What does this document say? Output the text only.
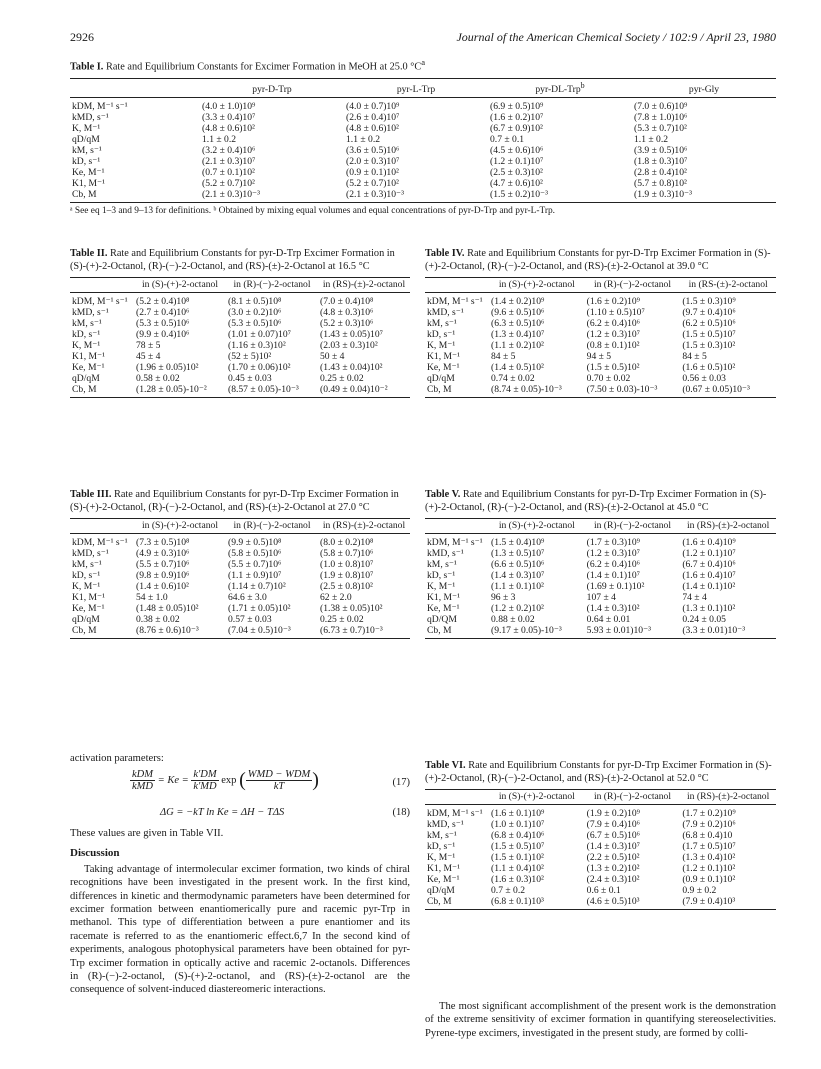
2926	Journal of the American Chemical Society / 102:9 / April 23, 1980
Table I. Rate and Equilibrium Constants for Excimer Formation in MeOH at 25.0 $^\circ C^a$
	pyr-D-Trp	pyr-L-Trp	pyr-DL-Trp$^b$	pyr-Gly
kDM, M⁻¹ s⁻¹	(4.0 ± 1.0)10⁹	(4.0 ± 0.7)10⁹	(6.9 ± 0.5)10⁹	(7.0 ± 0.6)10⁹
kMD, s⁻¹	(3.3 ± 0.4)10⁷	(2.6 ± 0.4)10⁷	(1.6 ± 0.2)10⁷	(7.8 ± 1.0)10⁶
K, M⁻¹	(4.8 ± 0.6)10²	(4.8 ± 0.6)10²	(6.7 ± 0.9)10²	(5.3 ± 0.7)10²
qD/qM	1.1 ± 0.2	1.1 ± 0.2	0.7 ± 0.1	1.1 ± 0.2
kM, s⁻¹	(3.2 ± 0.4)10⁶	(3.6 ± 0.5)10⁶	(4.5 ± 0.6)10⁶	(3.9 ± 0.5)10⁶
kD, s⁻¹	(2.1 ± 0.3)10⁷	(2.0 ± 0.3)10⁷	(1.2 ± 0.1)10⁷	(1.8 ± 0.3)10⁷
Ke, M⁻¹	(0.7 ± 0.1)10²	(0.9 ± 0.1)10²	(2.5 ± 0.3)10²	(2.8 ± 0.4)10²
K1, M⁻¹	(5.2 ± 0.7)10²	(5.2 ± 0.7)10²	(4.7 ± 0.6)10²	(5.7 ± 0.8)10²
Cb, M	(2.1 ± 0.3)10⁻³	(2.1 ± 0.3)10⁻³	(1.5 ± 0.2)10⁻³	(1.9 ± 0.3)10⁻³
ᵃ See eq 1–3 and 9–13 for definitions. ᵇ Obtained by mixing equal volumes and equal concentrations of pyr-D-Trp and pyr-L-Trp.
Table II. Rate and Equilibrium Constants for pyr-D-Trp Excimer Formation in (S)-(+)-2-Octanol, (R)-(−)-2-Octanol, and (RS)-(±)-2-Octanol at 16.5 °C
	in (S)-(+)-2-octanol	in (R)-(−)-2-octanol	in (RS)-(±)-2-octanol
kDM, M⁻¹ s⁻¹	(5.2 ± 0.4)10⁸	(8.1 ± 0.5)10⁸	(7.0 ± 0.4)10⁸
kMD, s⁻¹	(2.7 ± 0.4)10⁶	(3.0 ± 0.2)10⁶	(4.8 ± 0.3)10⁶
kM, s⁻¹	(5.3 ± 0.5)10⁶	(5.3 ± 0.5)10⁶	(5.2 ± 0.3)10⁶
kD, s⁻¹	(9.9 ± 0.4)10⁶	(1.01 ± 0.07)10⁷	(1.43 ± 0.05)10⁷
K, M⁻¹	78 ± 5	(1.16 ± 0.3)10²	(2.03 ± 0.3)10²
K1, M⁻¹	45 ± 4	(52 ± 5)10²	50 ± 4
Ke, M⁻¹	(1.96 ± 0.05)10²	(1.70 ± 0.06)10²	(1.43 ± 0.04)10²
qD/qM	0.58 ± 0.02	0.45 ± 0.03	0.25 ± 0.02
Cb, M	(1.28 ± 0.05)-10⁻²	(8.57 ± 0.05)-10⁻³	(0.49 ± 0.04)10⁻²
Table IV. Rate and Equilibrium Constants for pyr-D-Trp Excimer Formation in (S)-(+)-2-Octanol, (R)-(−)-2-Octanol, and (RS)-(±)-2-Octanol at 39.0 °C
	in (S)-(+)-2-octanol	in (R)-(−)-2-octanol	in (RS-(±)-2-octanol
kDM, M⁻¹ s⁻¹	(1.4 ± 0.2)10⁹	(1.6 ± 0.2)10⁹	(1.5 ± 0.3)10⁹
kMD, s⁻¹	(9.6 ± 0.5)10⁶	(1.10 ± 0.5)10⁷	(9.7 ± 0.4)10⁶
kM, s⁻¹	(6.3 ± 0.5)10⁶	(6.2 ± 0.4)10⁶	(6.2 ± 0.5)10⁶
kD, s⁻¹	(1.3 ± 0.4)10⁷	(1.2 ± 0.3)10⁷	(1.5 ± 0.5)10⁷
K, M⁻¹	(1.1 ± 0.2)10²	(0.8 ± 0.1)10²	(1.5 ± 0.3)10²
K1, M⁻¹	84 ± 5	94 ± 5	84 ± 5
Ke, M⁻¹	(1.4 ± 0.5)10²	(1.5 ± 0.5)10²	(1.6 ± 0.5)10²
qD/qM	0.74 ± 0.02	0.70 ± 0.02	0.56 ± 0.03
Cb, M	(8.74 ± 0.05)-10⁻³	(7.50 ± 0.03)-10⁻³	(0.67 ± 0.05)10⁻³
Table III. Rate and Equilibrium Constants for pyr-D-Trp Excimer Formation in (S)-(+)-2-Octanol, (R)-(−)-2-Octanol, and (RS)-(±)-2-Octanol at 27.0 °C
	in (S)-(+)-2-octanol	in (R)-(−)-2-octanol	in (RS)-(±)-2-octanol
kDM, M⁻¹ s⁻¹	(7.3 ± 0.5)10⁸	(9.9 ± 0.5)10⁸	(8.0 ± 0.2)10⁸
kMD, s⁻¹	(4.9 ± 0.3)10⁶	(5.8 ± 0.5)10⁶	(5.8 ± 0.7)10⁶
kM, s⁻¹	(5.5 ± 0.7)10⁶	(5.5 ± 0.7)10⁶	(1.0 ± 0.8)10⁷
kD, s⁻¹	(9.8 ± 0.9)10⁶	(1.1 ± 0.9)10⁷	(1.9 ± 0.8)10⁷
K, M⁻¹	(1.4 ± 0.6)10²	(1.14 ± 0.7)10²	(2.5 ± 0.8)10²
K1, M⁻¹	54 ± 1.0	64.6 ± 3.0	62 ± 2.0
Ke, M⁻¹	(1.48 ± 0.05)10²	(1.71 ± 0.05)10²	(1.38 ± 0.05)10²
qD/qM	0.38 ± 0.02	0.57 ± 0.03	0.25 ± 0.02
Cb, M	(8.76 ± 0.6)10⁻³	(7.04 ± 0.5)10⁻³	(6.73 ± 0.7)10⁻³
Table V. Rate and Equilibrium Constants for pyr-D-Trp Excimer Formation in (S)-(+)-2-Octanol, (R)-(−)-2-Octanol, and (RS)-(±)-2-Octanol at 45.0 °C
	in (S)-(+)-2-octanol	in (R)-(−)-2-octanol	in (RS)-(±)-2-octanol
kDM, M⁻¹ s⁻¹	(1.5 ± 0.4)10⁹	(1.7 ± 0.3)10⁹	(1.6 ± 0.4)10⁹
kMD, s⁻¹	(1.3 ± 0.5)10⁷	(1.2 ± 0.3)10⁷	(1.2 ± 0.1)10⁷
kM, s⁻¹	(6.6 ± 0.5)10⁶	(6.2 ± 0.4)10⁶	(6.7 ± 0.4)10⁶
kD, s⁻¹	(1.4 ± 0.3)10⁷	(1.4 ± 0.1)10⁷	(1.6 ± 0.4)10⁷
K, M⁻¹	(1.1 ± 0.1)10²	(1.69 ± 0.1)10²	(1.4 ± 0.1)10²
K1, M⁻¹	96 ± 3	107 ± 4	74 ± 4
Ke, M⁻¹	(1.2 ± 0.2)10²	(1.4 ± 0.3)10²	(1.3 ± 0.1)10²
qD/QM	0.88 ± 0.02	0.64 ± 0.01	0.24 ± 0.05
Cb, M	(9.17 ± 0.05)-10⁻³	5.93 ± 0.01)10⁻³	(3.3 ± 0.01)10⁻³
activation parameters:
$\frac{\text{kDM}}{\text{kMD}} = Ke = \frac{k'DM}{k'MD}$ exp ( $\frac{\text{WMD − WDM}}{kT}$ )	(17)
ΔG = −kT ln Ke = ΔH − TΔS	(18)
These values are given in Table VII.
Discussion

Taking advantage of intermolecular excimer formation, two kinds of chiral recognitions have been investigated in the present work. In the first kind, differences in kinetic and thermodynamic parameters have been determined for excimer formation between enantiomerically pure and racemic pyr-Trp in methanol. This type of differentiation between a pure enantiomer and its racemate is referred to as the enantiomeric effect.6,7 In the second kind of experiments, analogous photophysical parameters have been obtained for pyr-Trp excimer formation in optically active and racemic 2-octanols. Differences in (R)-(−)-2-octanol, (S)-(+)-2-octanol, and (RS)-(±)-2-octanol are the consequence of solvent-induced diastereomeric interactions.

Table VI. Rate and Equilibrium Constants for pyr-D-Trp Excimer Formation in (S)-(+)-2-Octanol, (R)-(−)-2-Octanol, and (RS)-(±)-2-Octanol at 52.0 °C
	in (S)-(+)-2-octanol	in (R)-(−)-2-octanol	in (RS)-(±)-2-octanol
kDM, M⁻¹ s⁻¹	(1.6 ± 0.1)10⁹	(1.9 ± 0.2)10⁹	(1.7 ± 0.2)10⁹
kMD, s⁻¹	(1.0 ± 0.1)10⁷	(7.9 ± 0.4)10⁶	(7.9 ± 0.2)10⁶
kM, s⁻¹	(6.8 ± 0.4)10⁶	(6.7 ± 0.5)10⁶	(6.8 ± 0.4)10
kD, s⁻¹	(1.5 ± 0.5)10⁷	(1.4 ± 0.3)10⁷	(1.7 ± 0.5)10⁷
K, M⁻¹	(1.5 ± 0.1)10²	(2.2 ± 0.5)10²	(1.3 ± 0.4)10²
K1, M⁻¹	(1.1 ± 0.4)10²	(1.3 ± 0.2)10²	(1.2 ± 0.1)10²
Ke, M⁻¹	(1.6 ± 0.3)10²	(2.4 ± 0.3)10²	(0.9 ± 0.1)10²
qD/qM	0.7 ± 0.2	0.6 ± 0.1	0.9 ± 0.2
Cb, M	(6.8 ± 0.1)10³	(4.6 ± 0.5)10³	(7.9 ± 0.4)10³

The most significant accomplishment of the present work is the demonstration of the extreme sensitivity of excimer formation in quantifying stereoselectivities. Pyrene-type excimers, investigated in the present study, are formed by colli-
